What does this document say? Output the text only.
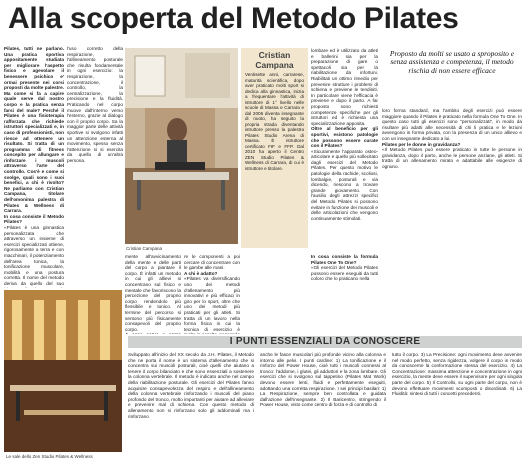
Alla scoperta del Metodo Pilates

Pilates, tutti ne parlano. Una pratica sportiva appositamente studiata per migliorare l'aspetto fisico e agevolare il benessere psichico e' ormai presente nei corsi proposti da molte palestre. Ma come si fa a capire quale serve dal nostro corpo e la pratica senza farsi del male? Perché il Pilates è una fisioterapia rafforzata che richiede istruttori specializzati e, in caso di professionisti, non riesce ad ottenere un risultato. Si tratta di un programma di fitness concepito per allungare e rinforzare i muscoli attraverso l'arte del controllo. Cos'è e come si svolge, quali sono i suoi benefici, a chi è rivolto? Ne parliamo con Cristian Campana, titolare dell'omonima palestra di Pilates & Wellness di Carrara.

In cosa consiste il Metodo Pilates?

«Pilates è una ginnastica personalizzata che attraverso un insieme di esercizi specializzati ottiene, rigorosamente a terra e con macchinari, il potenziamento dell'area tonica, la tonificazione muscolare, mobilità e una postura corretta. Il nome del metodo deriva da quello del suo

l'uso corretto della respirazione, l'allineamento posturale che risulta fondamentale in ogni esercizio: la respirazione, la concentrazione, il controllo, la centralizzazione, la precisione e la fluidità. Praticando nel corpo muove dall'interno verso l'esterno, grazie al dialogo con il proprio corpo. Sa la maggior parte delle attività sportive si svolgono infatti un attenzione esterna al movimento, spesso senza l'attenzione si si esercita da quello di un'altra persona.

Cristian Campana

mente all'avvicinamento della mente e delle parti del corpo a piantare il corpo. È infatti un metodo in cui gli allievi si concentrano sul fisico e mentale che favoriscono la percezione del proprio corpo rendendolo più flessibile e tonico. Al termine del percorso si sentono più fisicamente consapevoli del proprio corpo.

re le componenti a poi cercare di concentrare con le gambe alle mani.

A chi è adatto?

«Pilates va diversificando uno dei metodi d'allenamento più innovativi e più efficaci in giro per lo sport, oltre che uno dei metodi più praticati per gli atleti. Si tratta di un lavoro nella forma fisica in cui la tecnica di esercizio è

Cristian Campana
Ventisette anni, carrarese, maturità scientifica, dopo aver praticato molti sport si dedica alla ginnastica, inizia a frequentare l'attività di istruttore di 1° livello nelle scuole di Massa e Carrara e dal 2006 diventa insegnante di nuoto, ha seguito la propria strada diventando istruttore presso la palestra Pilates Studio Arena di Massa. È istruttore certificato FIF e FFP. Dal 2010 ha aperto il Centro ZEN Studio Pilates & Wellness di Carrara, di cui è istruttore e titolare.

lombare ed è utilizzato da atleti e ballerini sia per la preparazione di gare o spettacoli sia per la riabilitazione da infortuni. Riabilitati un ottimo rimedio per prevenire strutture i problemi di schiena e previene le tendiniti. In particolare viene l'efficacia è previene e dopo il parto. A far proposto sono richiesti competenze specifiche per gli istruttori ed è richiesta una specializzazione apposita.

Oltre al beneficio per gli sportivi, esistono patologie che possono essere curate con il Pilates?

«Sicuramente l'apparato osteo-articolare e quello più sollecitato dagli esercizi del Metodo Pilates. Per questo motivo le patologie della rachide, scoliosi, lombalgie, posturali e via dicendo, riescono a trovare grande giovamento. Con l'ausilio degli attrezzi specifici del Metodo Pilates si possono evitare in funzione dei muscoli e delle articolazioni che vengono continuamente stimolati.

In cosa consiste la formula Pilates One To One?

«Gli esercizi del Metodo Pilates possono essere eseguiti da tutti coloro che lo praticano nella

Proposto da molti se usato a sproposito e senza assistenza e competenza, il metodo rischia di non essere efficace

loro forma standard, ma l'ambito degli esercizi può essere maggiore quando il Pilates è praticato nella formula One To One. In questo caso tutti gli esercizi sono "personalizzati", in modo da risultare più adatti alle necessità di chi li pratica e le lezioni avvengono in forma privata, con la presenza di un unico allievo e con un insegnante dedicato a lui.

Pilates per le donne in gravidanza?

«Il Metodo Pilates può essere praticato in tutte le persone in gravidanza, dopo il parto, anche le persone anziane, gli atleti. Si tratta di un allenamento mirato e adattabile alle esigenze di ognuno.

Le sale dello Zen Studio Pilates & Wellness
I PUNTI ESSENZIALI DA CONOSCERE

Sviluppato all'inizio del XX secolo da J.H. Pilates, il Metodo che ne porta il nome è un sistema d'allenamento che si concentra sui muscoli posturali, cioè quelli che aiutano a tenere il corpo bilanciato e che sono essenziali a sostenere la colonna vertebrale. Il metodo è indicato anche nel campo della riabilitazione posturale. Gli esercizi del Pilates fanno acquisire consapevolezza del respiro e dell'allineamento della colonna vertebrale rinforzando i muscoli del piano profondo del tronco, molto importanti per aiutare ad alleviare e prevenire mal di schiena. Con questo metodo di allenamento non si rinforzano solo gli addominali ma i rinforzano

anche le fasce muscolari più profonde vicino alla colonna e intorno alle pelvi. I punti cardine: 1) La tonificazione e il rinforzo del Power House, cioè tutti i muscoli connessi al tronco: l'addome, i glutei, gli adduttori e la zona lombare. Gli esercizi che si svolgono sul tappetino (Pilates Mat Work) devono essere lenti, fluidi e perfettamente eseguiti, adottando una corretta respirazione. I sei principi basilari: 1) La Respirazione, sempre ben controllata e guidata dall'azione dell'insegnante. 2) Il Baricentro, stringendo il Power House, visto come centro di forza e di controllo di

tutto il corpo. 3) La Precisione: ogni movimento deve avvenire nel modo perfetto, senza rigidezza, volgere il corpo in modo da conoscerne la conformazione stessa del esercizio. 4) La Concentrazione: massima attenzione e concentrazione in ogni esercizio, la mente deve essere il supervisore per ogni singola parte del corpo. 5) Il Controllo, su ogni parte del corpo, non è devono effettuare movimenti scomposti o disordinati. 6) La Fluidità: sintesi di tutti i concetti precedenti.
